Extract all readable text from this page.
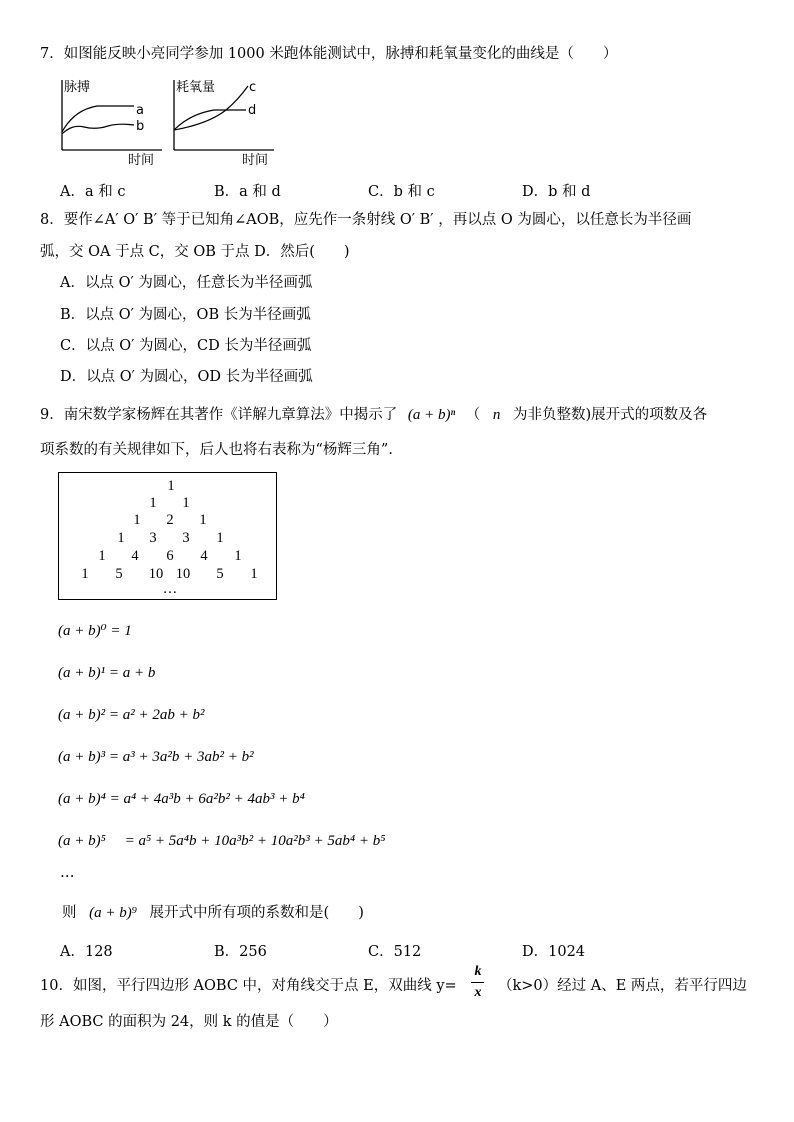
7．如图能反映小亮同学参加 1000 米跑体能测试中，脉搏和耗氧量变化的曲线是（　　）
脉搏
a
b
时间
耗氧量	c
d
时间
A．a 和 c	B．a 和 d	C．b 和 c	D．b 和 d
8．要作∠A′ O′ B′ 等于已知角∠AOB，应先作一条射线 O′ B′ ，再以点 O 为圆心，以任意长为半径画
弧，交 OA 于点 C，交 OB 于点 D．然后(　　)
A．以点 O′ 为圆心，任意长为半径画弧
B．以点 O′ 为圆心，OB 长为半径画弧
C．以点 O′ 为圆心，CD 长为半径画弧
D．以点 O′ 为圆心，OD 长为半径画弧
9．南宋数学家杨辉在其著作《详解九章算法》中揭示了 (a + b)ⁿ （ n 为非负整数)展开式的项数及各
项系数的有关规律如下，后人也将右表称为“杨辉三角”．
1
1 1
1 2 1
1 3 3 1
1 4 6 4 1
1 5 10 10 5 1
…
(a + b)⁰ = 1
(a + b)¹ = a + b
(a + b)² = a² + 2ab + b²
(a + b)³ = a³ + 3a²b + 3ab² + b²
(a + b)⁴ = a⁴ + 4a³b + 6a²b² + 4ab³ + b⁴
(a + b)⁵　 = a⁵ + 5a⁴b + 10a³b² + 10a²b³ + 5ab⁴ + b⁵
…
则 (a + b)⁹ 展开式中所有项的系数和是(　　)
A．128	B．256	C．512	D．1024
10．如图，平行四边形 AOBC 中，对角线交于点 E，双曲线 y=
k
x （k>0）经过 A、E 两点，若平行四边
形 AOBC 的面积为 24，则 k 的值是（　　）
